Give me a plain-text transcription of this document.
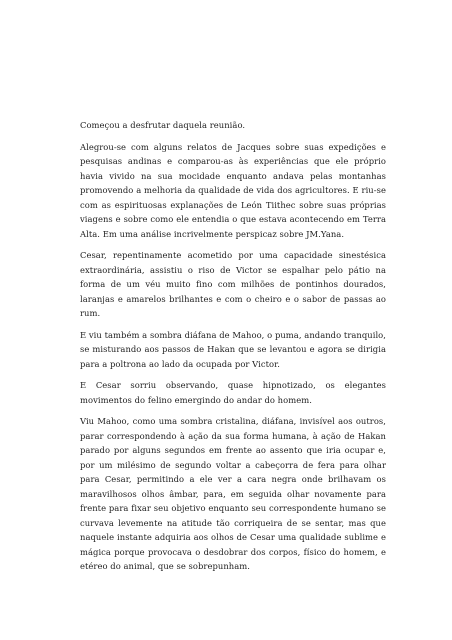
Começou a desfrutar daquela reunião.

Alegrou-se com alguns relatos de Jacques sobre suas expedições e pesquisas andinas e comparou-as às experiências que ele próprio havia vivido na sua mocidade enquanto andava pelas montanhas promovendo a melhoria da qualidade de vida dos agricultores. E riu-se com as espirituosas explanações de León Tiithec sobre suas próprias viagens e sobre como ele entendia o que estava acontecendo em Terra Alta. Em uma análise incrivelmente perspicaz sobre JM.Yana.

Cesar, repentinamente acometido por uma capacidade sinestésica extraordinária, assistiu o riso de Victor se espalhar pelo pátio na forma de um véu muito fino com milhões de pontinhos dourados, laranjas e amarelos brilhantes e com o cheiro e o sabor de passas ao rum.

E viu também a sombra diáfana de Mahoo, o puma, andando tranquilo, se misturando aos passos de Hakan que se levantou e agora se dirigia para a poltrona ao lado da ocupada por Victor.

E Cesar sorriu observando, quase hipnotizado, os elegantes movimentos do felino emergindo do andar do homem.

Viu Mahoo, como uma sombra cristalina, diáfana, invisível aos outros, parar correspondendo à ação da sua forma humana, à ação de Hakan parado por alguns segundos em frente ao assento que iria ocupar e, por um milésimo de segundo voltar a cabeçorra de fera para olhar para Cesar, permitindo a ele ver a cara negra onde brilhavam os maravilhosos olhos âmbar, para, em seguida olhar novamente para frente para fixar seu objetivo enquanto seu correspondente humano se curvava levemente na atitude tão corriqueira de se sentar, mas que naquele instante adquiria aos olhos de Cesar uma qualidade sublime e mágica porque provocava o desdobrar dos corpos, físico do homem, e etéreo do animal, que se sobrepunham.
